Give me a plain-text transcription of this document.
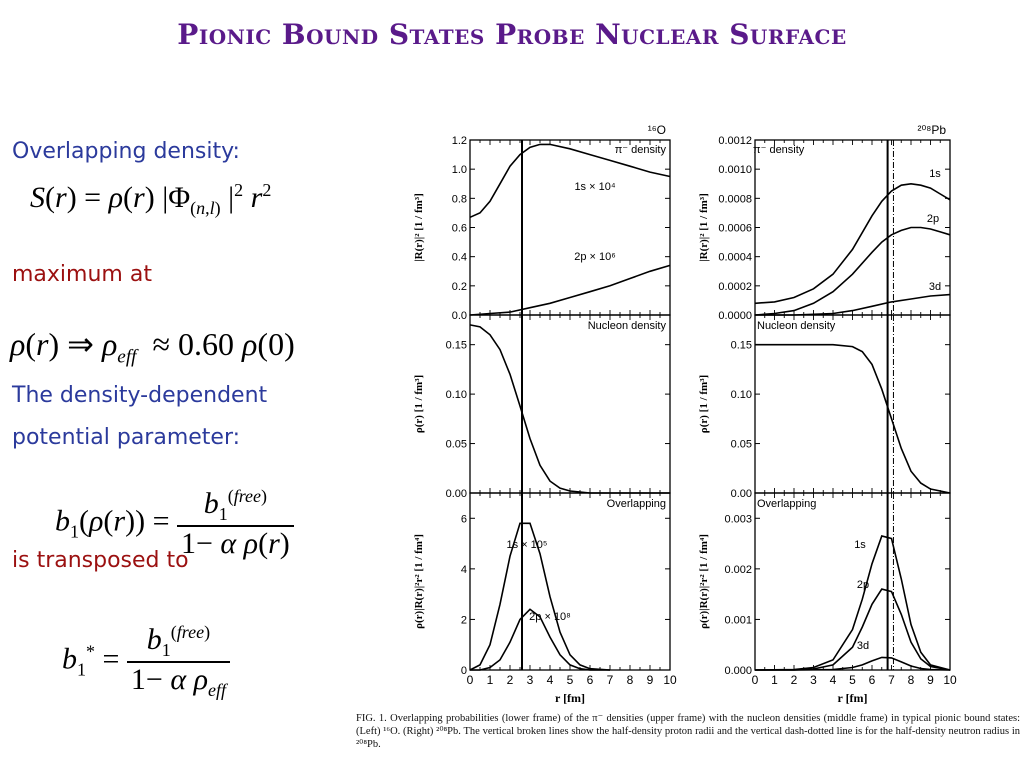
Pionic Bound States Probe Nuclear Surface
Overlapping density:
S(r) = ρ(r) $|\Phi_{(n,l)}$ $|^2$ $r^2$
maximum at
ρ(r) ⇒ $\rho_{eff} \approx 0.60$ ρ(0)
The density-dependent
potential parameter:
$b_1(\rho(r)) = \frac{b_1^{(free)}}{\text{1− α ρ(r)}}$
is transposed to
$b_1^* = \frac{b_1^{(free)}}{1- \alpha \rho_{eff}}$
0.0
0.2
0.4
0.6
0.8
1.0
1.2
|R(r)|² [1 / fm³]
π⁻ density
¹⁶O
1s × 10⁴
2p × 10⁶
0.00
0.05
0.10
0.15
ρ(r) [1 / fm³]
Nucleon density
0
2
4
6
0 1 2 3 4 5 6 7 8 9 10
r [fm]
ρ(r)|R(r)|²r² [1 / fm⁴]
Overlapping
1s × 10⁵
2p × 10⁸
0.0000
0.0002
0.0004
0.0006
0.0008
0.0010
0.0012
|R(r)|² [1 / fm³]
π⁻ density
²⁰⁸Pb
1s
2p
3d
0.00
0.05
0.10
0.15
ρ(r) [1 / fm³]
Nucleon density
0.000
0.001
0.002
0.003
0 1 2 3 4 5 6 7 8 9 10
r [fm]
ρ(r)|R(r)|²r² [1 / fm⁴]
Overlapping
1s
2p
3d
FIG. 1. Overlapping probabilities (lower frame) of the π⁻ densities (upper frame) with the nucleon densities (middle frame) in typical pionic bound states: (Left) ¹⁶O. (Right) ²⁰⁸Pb. The vertical broken lines show the half-density proton radii and the vertical dash-dotted line is for the half-density neutron radius in ²⁰⁸Pb.
